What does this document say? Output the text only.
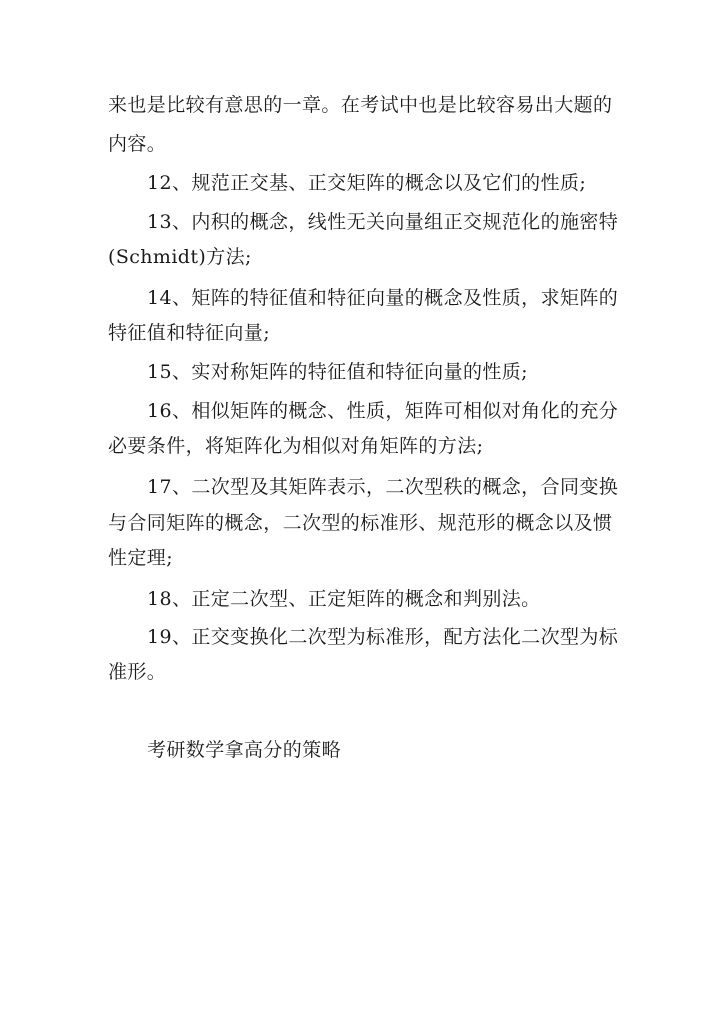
来也是比较有意思的一章。在考试中也是比较容易出大题的
内容。
12、规范正交基、正交矩阵的概念以及它们的性质;
13、内积的概念，线性无关向量组正交规范化的施密特
(Schmidt)方法;
14、矩阵的特征值和特征向量的概念及性质，求矩阵的
特征值和特征向量;
15、实对称矩阵的特征值和特征向量的性质;
16、相似矩阵的概念、性质，矩阵可相似对角化的充分
必要条件，将矩阵化为相似对角矩阵的方法;
17、二次型及其矩阵表示，二次型秩的概念，合同变换
与合同矩阵的概念，二次型的标准形、规范形的概念以及惯
性定理;
18、正定二次型、正定矩阵的概念和判别法。
19、正交变换化二次型为标准形，配方法化二次型为标
准形。
考研数学拿高分的策略
